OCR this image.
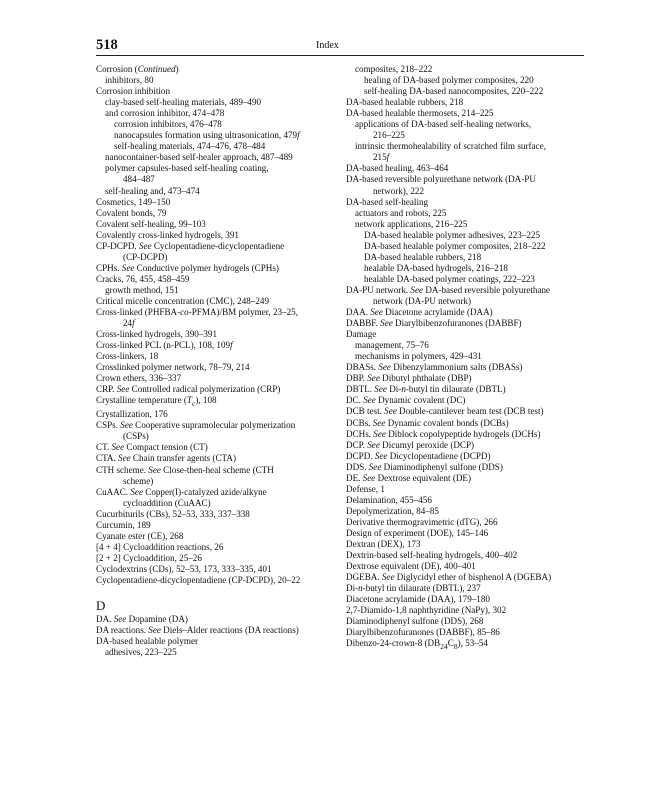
518	Index
Corrosion (Continued)
inhibitors, 80
Corrosion inhibition
clay-based self-healing materials, 489–490
and corrosion inhibitor, 474–478
corrosion inhibitors, 476–478
nanocapsules formation using ultrasonication, 479f
self-healing materials, 474–476, 478–484
nanocontainer-based self-healer approach, 487–489
polymer capsules-based self-healing coating,
484–487
self-healing and, 473–474
Cosmetics, 149–150
Covalent bonds, 79
Covalent self-healing, 99–103
Covalently cross-linked hydrogels, 391
CP-DCPD. See Cyclopentadiene-dicyclopentadiene
(CP-DCPD)
CPHs. See Conductive polymer hydrogels (CPHs)
Cracks, 76, 455, 458–459
growth method, 151
Critical micelle concentration (CMC), 248–249
Cross-linked (PHFBA-co-PFMA)/BM polymer, 23–25,
24f
Cross-linked hydrogels, 390–391
Cross-linked PCL (n-PCL), 108, 109f
Cross-linkers, 18
Crosslinked polymer network, 78–79, 214
Crown ethers, 336–337
CRP. See Controlled radical polymerization (CRP)
Crystalline temperature $(T_c)$, 108
Crystallization, 176
CSPs. See Cooperative supramolecular polymerization
(CSPs)
CT. See Compact tension (CT)
CTA. See Chain transfer agents (CTA)
CTH scheme. See Close-then-heal scheme (CTH
scheme)
CuAAC. See Copper(I)-catalyzed azide/alkyne
cycloaddition (CuAAC)
Cucurbiturils (CBs), 52–53, 333, 337–338
Curcumin, 189
Cyanate ester (CE), 268
[4 + 4] Cycloaddition reactions, 26
[2 + 2] Cycloaddition, 25–26
Cyclodextrins (CDs), 52–53, 173, 333–335, 401
Cyclopentadiene-dicyclopentadiene (CP-DCPD), 20–22
D
DA. See Dopamine (DA)
DA reactions. See Diels–Alder reactions (DA reactions)
DA-based healable polymer
adhesives, 223–225
composites, 218–222
healing of DA-based polymer composites, 220
self-healing DA-based nanocomposites, 220–222
DA-based healable rubbers, 218
DA-based healable thermosets, 214–225
applications of DA-based self-healing networks,
216–225
intrinsic thermohealability of scratched film surface,
215f
DA-based healing, 463–464
DA-based reversible polyurethane network (DA-PU
network), 222
DA-based self-healing
actuators and robots, 225
network applications, 216–225
DA-based healable polymer adhesives, 223–225
DA-based healable polymer composites, 218–222
DA-based healable rubbers, 218
healable DA-based hydrogels, 216–218
healable DA-based polymer coatings, 222–223
DA-PU network. See DA-based reversible polyurethane
network (DA-PU network)
DAA. See Diacetone acrylamide (DAA)
DABBF. See Diarylbibenzofuranones (DABBF)
Damage
management, 75–76
mechanisms in polymers, 429–431
DBASs. See Dibenzylammonium salts (DBASs)
DBP. See Dibutyl phthalate (DBP)
DBTL. See Di-n-butyl tin dilaurate (DBTL)
DC. See Dynamic covalent (DC)
DCB test. See Double-cantilever beam test (DCB test)
DCBs. See Dynamic covalent bonds (DCBs)
DCHs. See Diblock copolypeptide hydrogels (DCHs)
DCP. See Dicumyl peroxide (DCP)
DCPD. See Dicyclopentadiene (DCPD)
DDS. See Diaminodiphenyl sulfone (DDS)
DE. See Dextrose equivalent (DE)
Defense, 1
Delamination, 455–456
Depolymerization, 84–85
Derivative thermogravimetric (dTG), 266
Design of experiment (DOE), 145–146
Dextran (DEX), 173
Dextrin-based self-healing hydrogels, 400–402
Dextrose equivalent (DE), 400–401
DGEBA. See Diglycidyl ether of bisphenol A (DGEBA)
Di-n-butyl tin dilaurate (DBTL), 237
Diacetone acrylamide (DAA), 179–180
2,7-Diamido-1,8 naphthyridine (NaPy), 302
Diaminodiphenyl sulfone (DDS), 268
Diarylbibenzofuranones (DABBF), 85–86
Dibenzo-24-crown-8 $(DB_{24}C_8)$, 53–54
